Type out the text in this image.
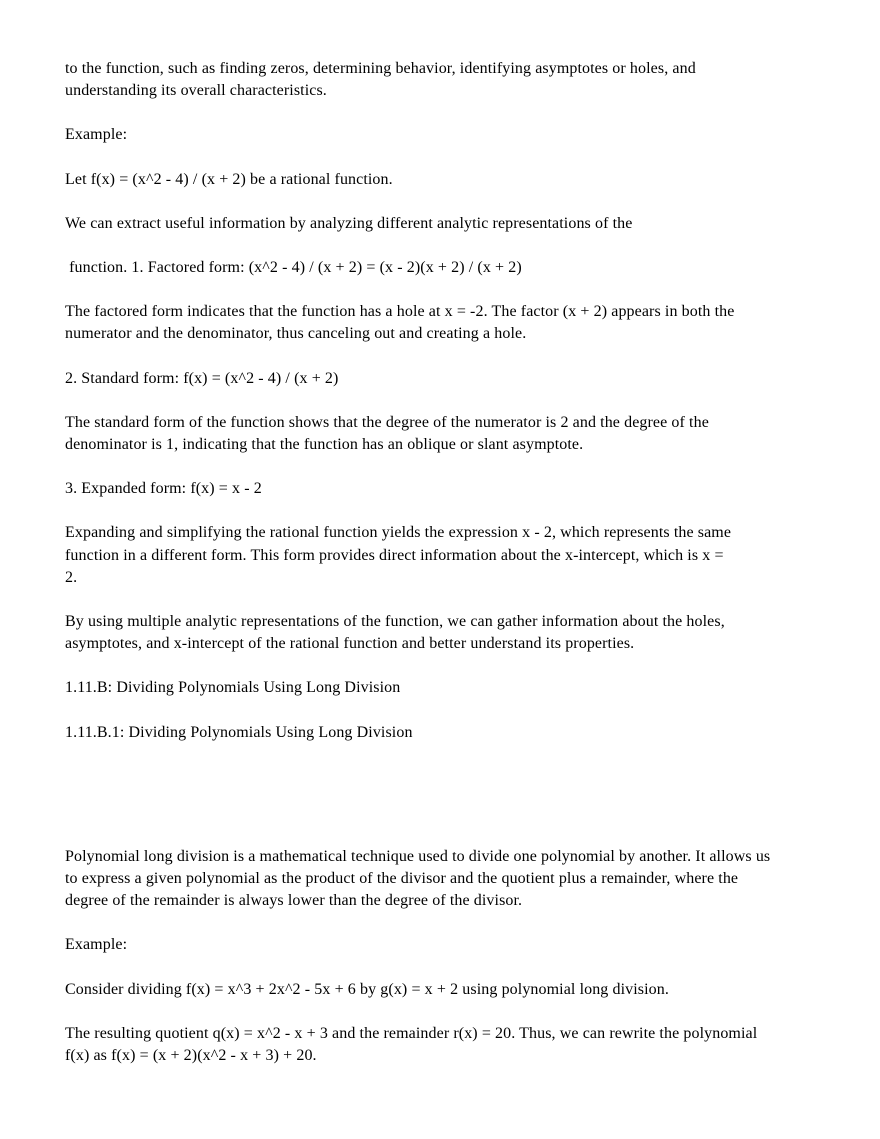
to the function, such as finding zeros, determining behavior, identifying asymptotes or holes, and
understanding its overall characteristics.

Example:

Let f(x) = (x^2 - 4) / (x + 2) be a rational function.

We can extract useful information by analyzing different analytic representations of the

function. 1. Factored form: (x^2 - 4) / (x + 2) = (x - 2)(x + 2) / (x + 2)

The factored form indicates that the function has a hole at x = -2. The factor (x + 2) appears in both the
numerator and the denominator, thus canceling out and creating a hole.

2. Standard form: f(x) = (x^2 - 4) / (x + 2)

The standard form of the function shows that the degree of the numerator is 2 and the degree of the
denominator is 1, indicating that the function has an oblique or slant asymptote.

3. Expanded form: f(x) = x - 2

Expanding and simplifying the rational function yields the expression x - 2, which represents the same
function in a different form. This form provides direct information about the x-intercept, which is x =
2.

By using multiple analytic representations of the function, we can gather information about the holes,
asymptotes, and x-intercept of the rational function and better understand its properties.

1.11.B: Dividing Polynomials Using Long Division

1.11.B.1: Dividing Polynomials Using Long Division

Polynomial long division is a mathematical technique used to divide one polynomial by another. It allows us
to express a given polynomial as the product of the divisor and the quotient plus a remainder, where the
degree of the remainder is always lower than the degree of the divisor.

Example:

Consider dividing f(x) = x^3 + 2x^2 - 5x + 6 by g(x) = x + 2 using polynomial long division.

The resulting quotient q(x) = x^2 - x + 3 and the remainder r(x) = 20. Thus, we can rewrite the polynomial
f(x) as f(x) = (x + 2)(x^2 - x + 3) + 20.
